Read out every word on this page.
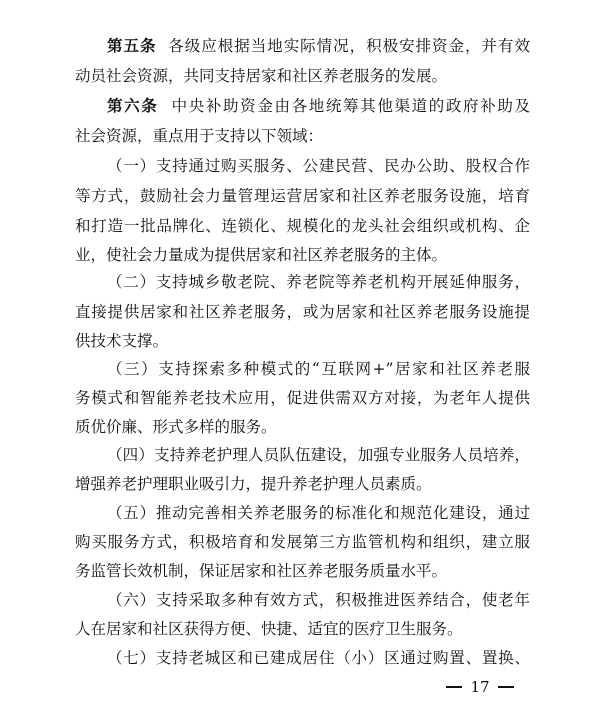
第五条 各级应根据当地实际情况，积极安排资金，并有效
动员社会资源，共同支持居家和社区养老服务的发展。
第六条 中央补助资金由各地统筹其他渠道的政府补助及
社会资源，重点用于支持以下领域：
（一）支持通过购买服务、公建民营、民办公助、股权合作
等方式，鼓励社会力量管理运营居家和社区养老服务设施，培育
和打造一批品牌化、连锁化、规模化的龙头社会组织或机构、企
业，使社会力量成为提供居家和社区养老服务的主体。
（二）支持城乡敬老院、养老院等养老机构开展延伸服务，
直接提供居家和社区养老服务，或为居家和社区养老服务设施提
供技术支撑。
（三）支持探索多种模式的“互联网+”居家和社区养老服
务模式和智能养老技术应用，促进供需双方对接，为老年人提供
质优价廉、形式多样的服务。
（四）支持养老护理人员队伍建设，加强专业服务人员培养，
增强养老护理职业吸引力，提升养老护理人员素质。
（五）推动完善相关养老服务的标准化和规范化建设，通过
购买服务方式，积极培育和发展第三方监管机构和组织，建立服
务监管长效机制，保证居家和社区养老服务质量水平。
（六）支持采取多种有效方式，积极推进医养结合，使老年
人在居家和社区获得方便、快捷、适宜的医疗卫生服务。
（七）支持老城区和已建成居住（小）区通过购置、置换、
17
